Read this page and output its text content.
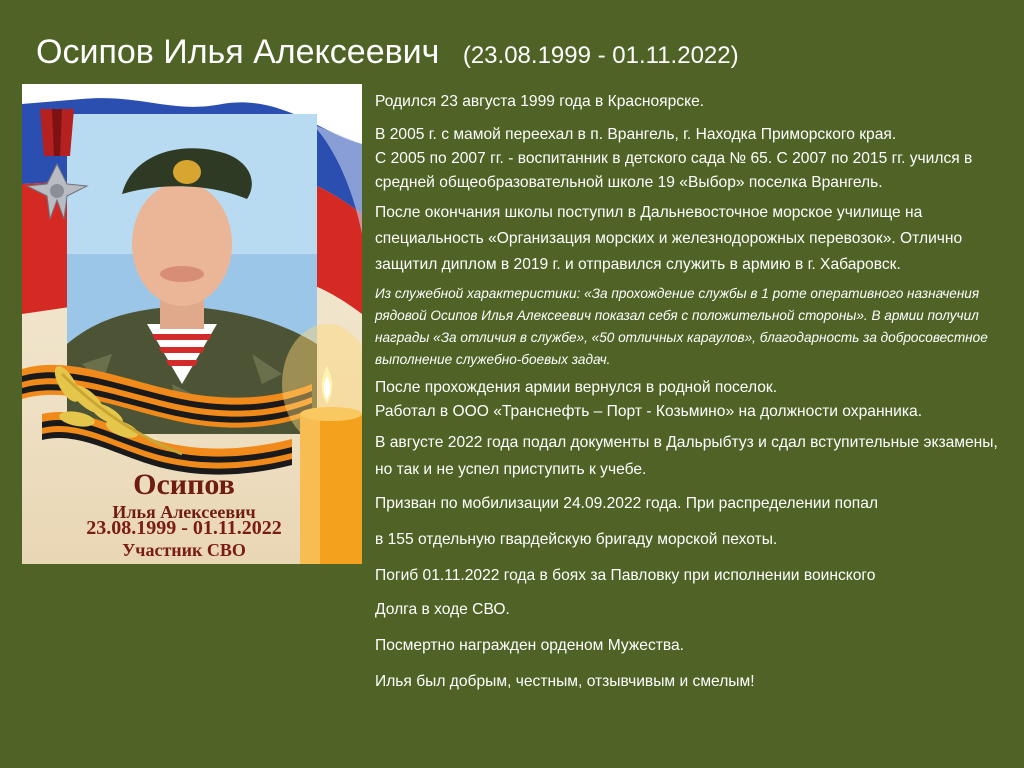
Осипов Илья Алексеевич (23.08.1999 - 01.11.2022)
Осипов
Илья Алексеевич
23.08.1999 - 01.11.2022
Участник СВО

Родился 23 августа 1999 года в Красноярске.

В 2005 г. с мамой переехал в п. Врангель, г. Находка Приморского края.

С 2005 по 2007 гг. - воспитанник в детского сада № 65. С 2007 по 2015 гг. учился в средней общеобразовательной школе 19 «Выбор» поселка Врангель.

После окончания школы поступил в Дальневосточное морское училище на специальность «Организация морских и железнодорожных перевозок». Отлично защитил диплом в 2019 г. и отправился служить в армию в г. Хабаровск.

Из служебной характеристики: «За прохождение службы в 1 роте оперативного назначения рядовой Осипов Илья Алексеевич показал себя с положительной стороны». В армии получил награды «За отличия в службе», «50 отличных караулов», благодарность за добросовестное выполнение служебно-боевых задач.

После прохождения армии вернулся в родной поселок.

Работал в ООО «Транснефть – Порт - Козьмино» на должности охранника.

В августе 2022 года подал документы в Дальрыбтуз и сдал вступительные экзамены, но так и не успел приступить к учебе.

Призван по мобилизации 24.09.2022 года. При распределении попал

в 155 отдельную гвардейскую бригаду морской пехоты.

Погиб 01.11.2022 года в боях за Павловку при исполнении воинского

Долга в ходе СВО.

Посмертно награжден орденом Мужества.

Илья был добрым, честным, отзывчивым и смелым!
